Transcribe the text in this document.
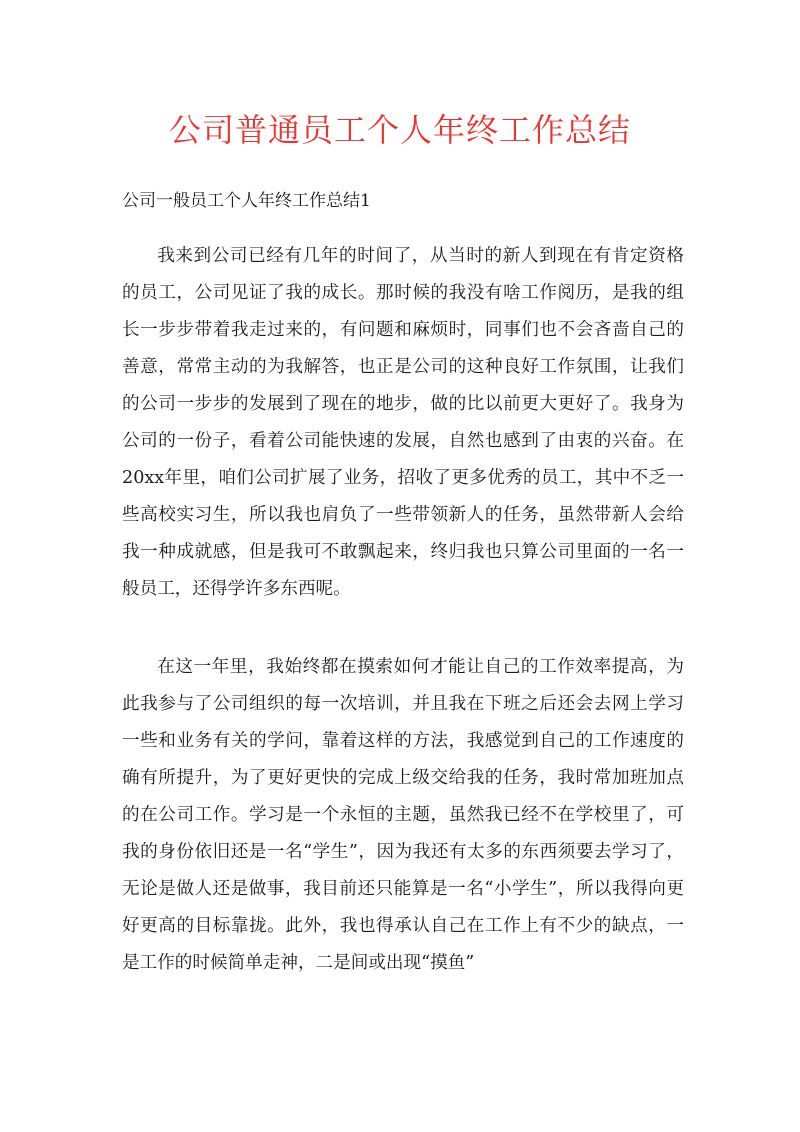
公司普通员工个人年终工作总结
公司一般员工个人年终工作总结1

我来到公司已经有几年的时间了，从当时的新人到现在有肯定资格的员工，公司见证了我的成长。那时候的我没有啥工作阅历，是我的组长一步步带着我走过来的，有问题和麻烦时，同事们也不会吝啬自己的善意，常常主动的为我解答，也正是公司的这种良好工作氛围，让我们的公司一步步的发展到了现在的地步，做的比以前更大更好了。我身为公司的一份子，看着公司能快速的发展，自然也感到了由衷的兴奋。在20xx年里，咱们公司扩展了业务，招收了更多优秀的员工，其中不乏一些高校实习生，所以我也肩负了一些带领新人的任务，虽然带新人会给我一种成就感，但是我可不敢飘起来，终归我也只算公司里面的一名一般员工，还得学许多东西呢。

在这一年里，我始终都在摸索如何才能让自己的工作效率提高，为此我参与了公司组织的每一次培训，并且我在下班之后还会去网上学习一些和业务有关的学问，靠着这样的方法，我感觉到自己的工作速度的确有所提升，为了更好更快的完成上级交给我的任务，我时常加班加点的在公司工作。学习是一个永恒的主题，虽然我已经不在学校里了，可我的身份依旧还是一名“学生”，因为我还有太多的东西须要去学习了，无论是做人还是做事，我目前还只能算是一名“小学生”，所以我得向更好更高的目标靠拢。此外，我也得承认自己在工作上有不少的缺点，一是工作的时候简单走神，二是间或出现“摸鱼”
